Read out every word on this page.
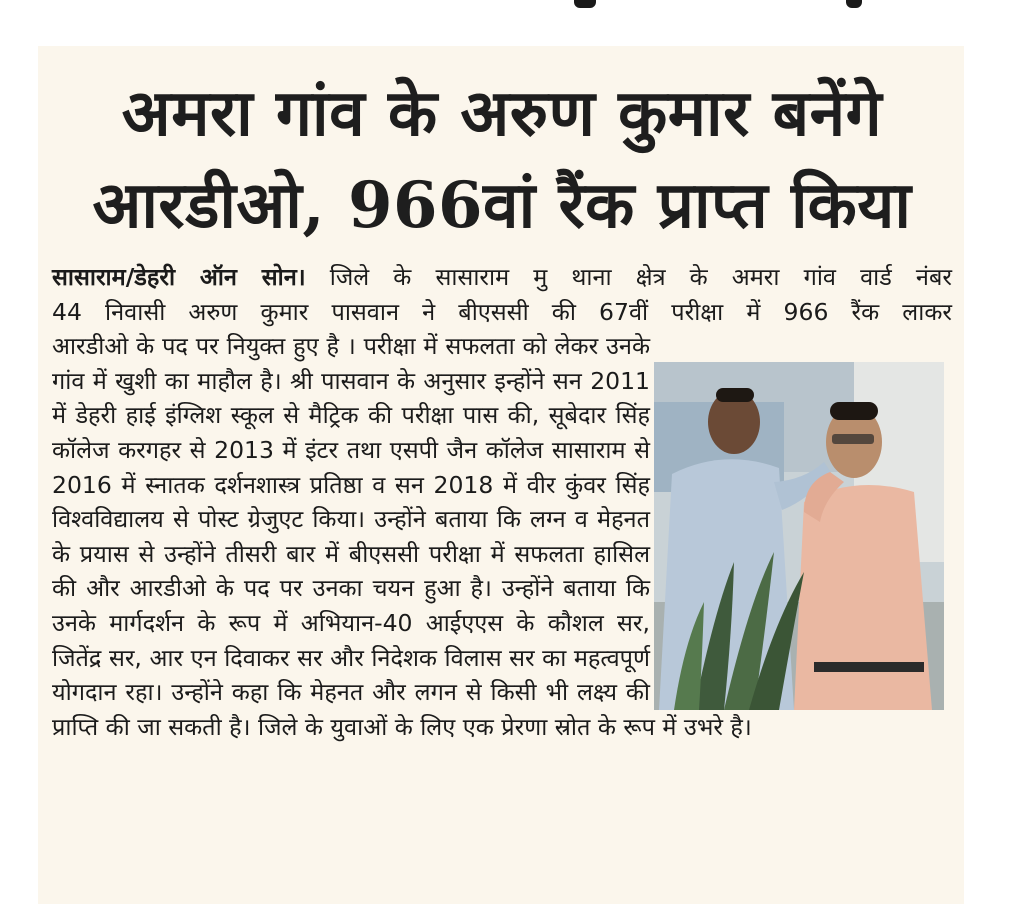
अमरा गांव के अरुण कुमार बनेंगे
आरडीओ, 966वां रैंक प्राप्त किया
सासाराम/डेहरी ऑन सोन। जिले के सासाराम मु थाना क्षेत्र के अमरा गांव वार्ड नंबर
44 निवासी अरुण कुमार पासवान ने बीएससी की 67वीं परीक्षा में 966 रैंक लाकर
आरडीओ के पद पर नियुक्त हुए है । परीक्षा में सफलता को लेकर उनके गांव में खुशी का माहौल है। श्री पासवान के अनुसार इन्होंने सन 2011 में डेहरी हाई इंग्लिश स्कूल से मैट्रिक की परीक्षा पास की, सूबेदार सिंह कॉलेज करगहर से 2013 में इंटर तथा एसपी जैन कॉलेज सासाराम से 2016 में स्नातक दर्शनशास्त्र प्रतिष्ठा व सन 2018 में वीर कुंवर सिंह विश्वविद्यालय से पोस्ट ग्रेजुएट किया। उन्होंने बताया कि लग्न व मेहनत के प्रयास से उन्होंने तीसरी बार में बीएससी परीक्षा में सफलता हासिल की और आरडीओ के पद पर उनका चयन हुआ है। उन्होंने बताया कि उनके मार्गदर्शन के रूप में अभियान-40 आईएएस के कौशल सर, जितेंद्र सर, आर एन दिवाकर सर और निदेशक विलास सर का महत्वपूर्ण योगदान रहा। उन्होंने कहा कि मेहनत और लगन से किसी भी लक्ष्य की प्राप्ति की जा सकती है। जिले के युवाओं के लिए एक प्रेरणा स्रोत के रूप में उभरे है।
